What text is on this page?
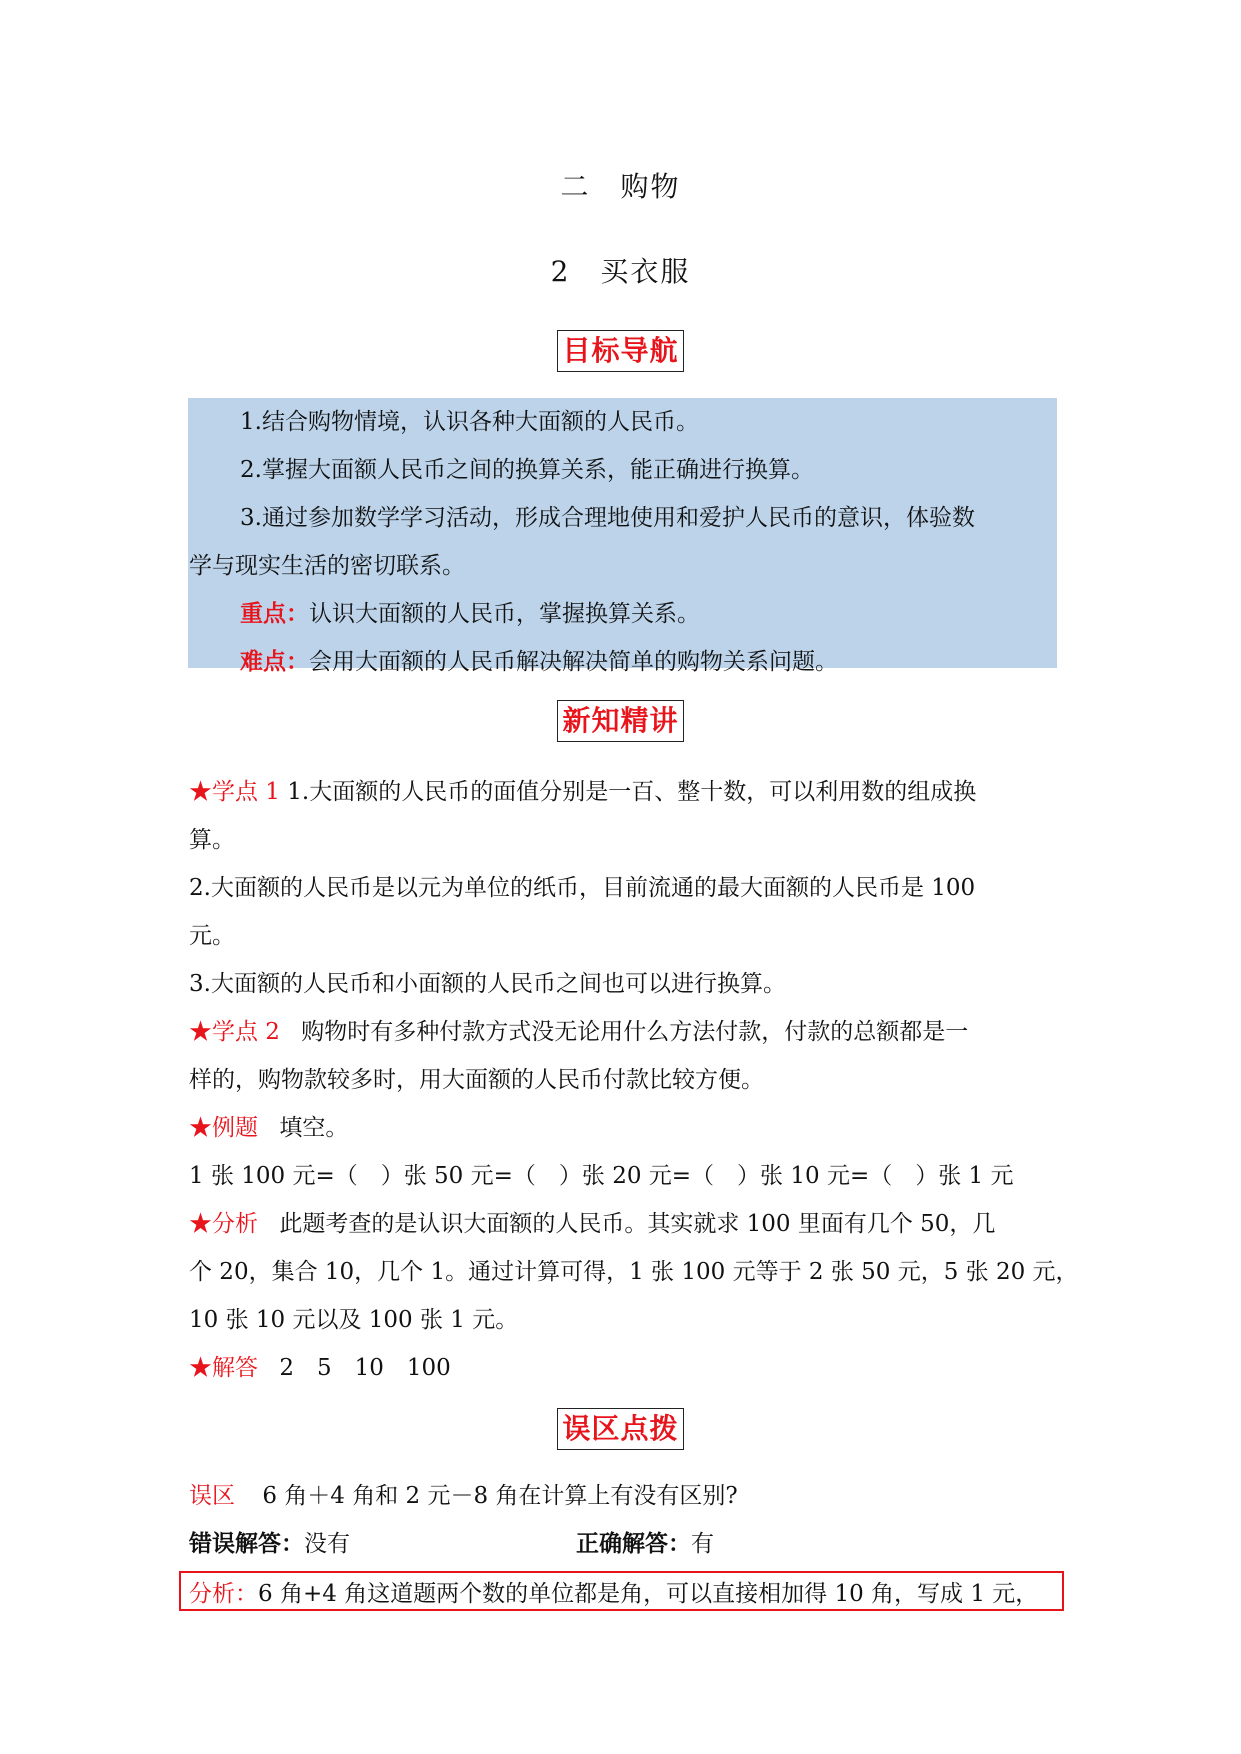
二　购物
2　买衣服
目标导航
1.结合购物情境，认识各种大面额的人民币。
2.掌握大面额人民币之间的换算关系，能正确进行换算。
3.通过参加数学学习活动，形成合理地使用和爱护人民币的意识，体验数
学与现实生活的密切联系。
重点：认识大面额的人民币，掌握换算关系。
难点：会用大面额的人民币解决解决简单的购物关系问题。
新知精讲
★学点 1 1.大面额的人民币的面值分别是一百、整十数，可以利用数的组成换
算。
2.大面额的人民币是以元为单位的纸币，目前流通的最大面额的人民币是 100
元。
3.大面额的人民币和小面额的人民币之间也可以进行换算。
★学点 2 购物时有多种付款方式没无论用什么方法付款，付款的总额都是一
样的，购物款较多时，用大面额的人民币付款比较方便。
★例题 填空。
1 张 100 元=（　）张 50 元=（　）张 20 元=（　）张 10 元=（　）张 1 元
★分析 此题考查的是认识大面额的人民币。其实就求 100 里面有几个 50，几
个 20，集合 10，几个 1。通过计算可得，1 张 100 元等于 2 张 50 元，5 张 20 元，
10 张 10 元以及 100 张 1 元。
★解答 2　5　10　100
误区点拨
误区 6 角＋4 角和 2 元－8 角在计算上有没有区别?
错误解答：没有	正确解答：有
分析：6 角+4 角这道题两个数的单位都是角，可以直接相加得 10 角，写成 1 元，
